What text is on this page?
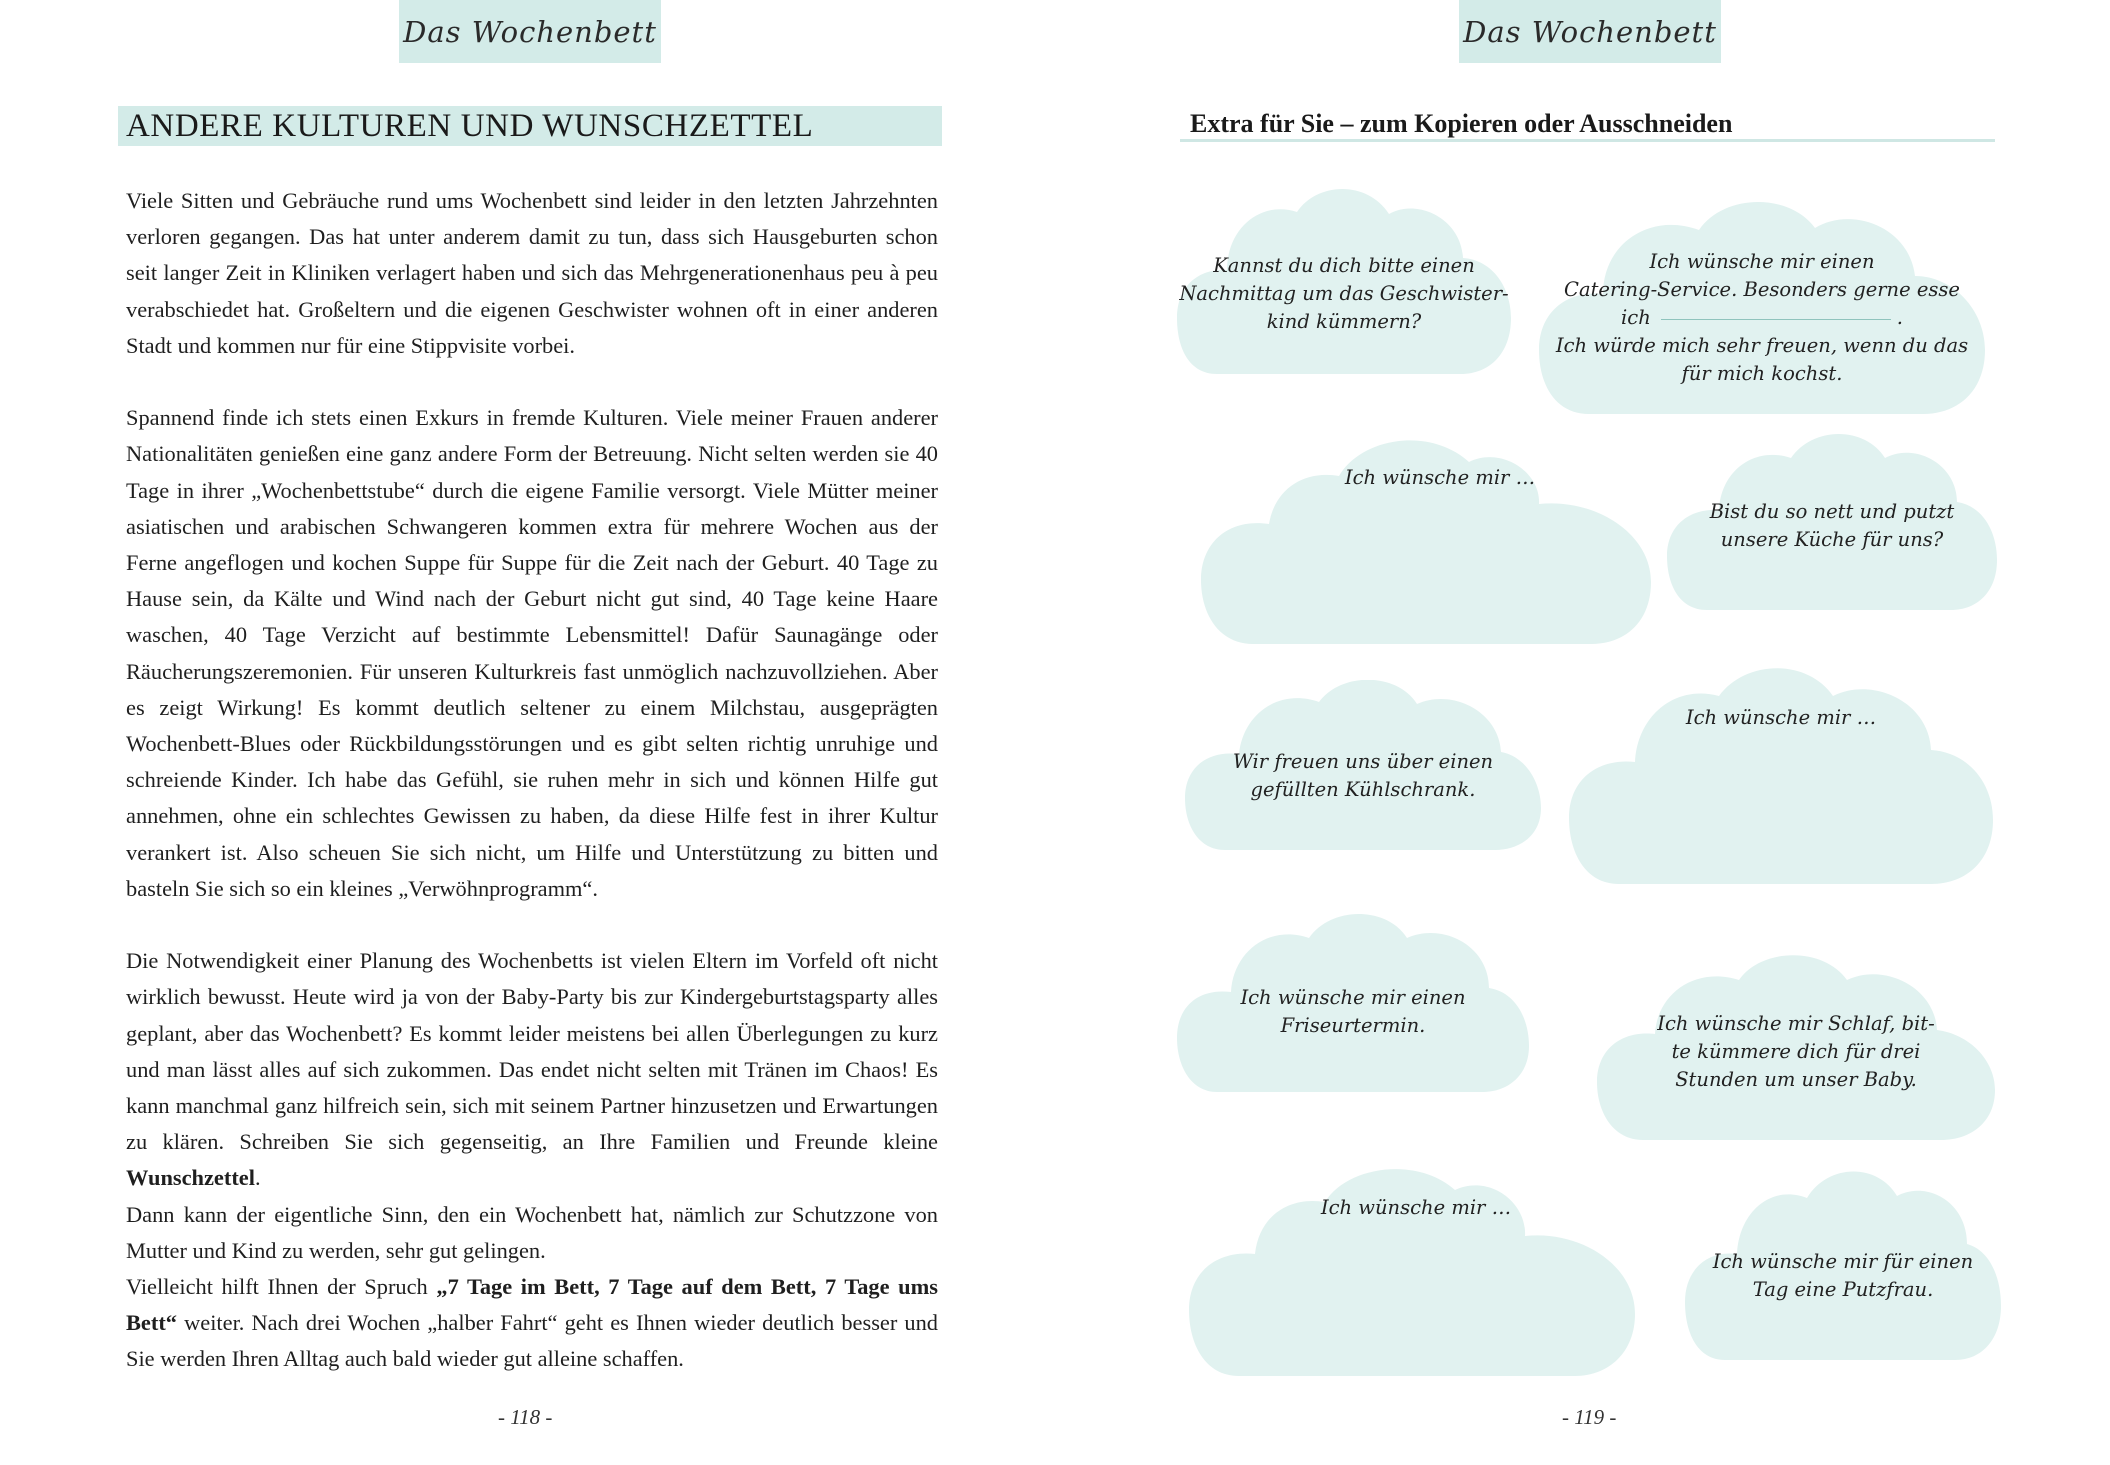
Das Wochenbett
ANDERE KULTUREN UND WUNSCHZETTEL

Viele Sitten und Gebräuche rund ums Wochenbett sind leider in den letzten Jahrzehnten verloren gegangen. Das hat unter anderem damit zu tun, dass sich Hausgeburten schon seit langer Zeit in Kliniken verlagert haben und sich das Mehrgenerationenhaus peu à peu verabschiedet hat. Großeltern und die eigenen Geschwister wohnen oft in einer anderen Stadt und kommen nur für eine Stippvisite vorbei.

Spannend finde ich stets einen Exkurs in fremde Kulturen. Viele meiner Frauen anderer Nationalitäten genießen eine ganz andere Form der Betreuung. Nicht selten werden sie 40 Tage in ihrer „Wochenbettstube“ durch die eigene Familie versorgt. Viele Mütter meiner asiatischen und arabischen Schwangeren kommen extra für mehrere Wochen aus der Ferne angeflogen und kochen Suppe für Suppe für die Zeit nach der Geburt. 40 Tage zu Hause sein, da Kälte und Wind nach der Geburt nicht gut sind, 40 Tage keine Haare waschen, 40 Tage Verzicht auf bestimmte Lebensmittel! Dafür Saunagänge oder Räucherungszeremonien. Für unseren Kulturkreis fast unmöglich nachzuvollziehen. Aber es zeigt Wirkung! Es kommt deutlich seltener zu einem Milchstau, ausgeprägten Wochenbett-Blues oder Rückbildungsstörungen und es gibt selten richtig unruhige und schreiende Kinder. Ich habe das Gefühl, sie ruhen mehr in sich und können Hilfe gut annehmen, ohne ein schlechtes Gewissen zu haben, da diese Hilfe fest in ihrer Kultur verankert ist. Also scheuen Sie sich nicht, um Hilfe und Unterstützung zu bitten und basteln Sie sich so ein kleines „Verwöhnprogramm“.

Die Notwendigkeit einer Planung des Wochenbetts ist vielen Eltern im Vorfeld oft nicht wirklich bewusst. Heute wird ja von der Baby-Party bis zur Kindergeburtstagsparty alles geplant, aber das Wochenbett? Es kommt leider meistens bei allen Überlegungen zu kurz und man lässt alles auf sich zukommen. Das endet nicht selten mit Tränen im Chaos! Es kann manchmal ganz hilfreich sein, sich mit seinem Partner hinzusetzen und Erwartungen zu klären. Schreiben Sie sich gegenseitig, an Ihre Familien und Freunde kleine Wunschzettel.

Dann kann der eigentliche Sinn, den ein Wochenbett hat, nämlich zur Schutzzone von Mutter und Kind zu werden, sehr gut gelingen.

Vielleicht hilft Ihnen der Spruch „7 Tage im Bett, 7 Tage auf dem Bett, 7 Tage ums Bett“ weiter. Nach drei Wochen „halber Fahrt“ geht es Ihnen wieder deutlich besser und Sie werden Ihren Alltag auch bald wieder gut alleine schaffen.

- 118 -
Das Wochenbett
Extra für Sie – zum Kopieren oder Ausschneiden
Kannst du dich bitte einen
Nachmittag um das Geschwister-
kind kümmern?
Ich wünsche mir einen
Catering-Service. Besonders gerne esse
ich	.
Ich würde mich sehr freuen, wenn du das
für mich kochst.
Ich wünsche mir …
Bist du so nett und putzt
unsere Küche für uns?
Wir freuen uns über einen
gefüllten Kühlschrank.
Ich wünsche mir …
Ich wünsche mir einen
Friseurtermin.	Ich wünsche mir Schlaf, bit-
te kümmere dich für drei
Stunden um unser Baby.
Ich wünsche mir …
Ich wünsche mir für einen
Tag eine Putzfrau.
- 119 -
